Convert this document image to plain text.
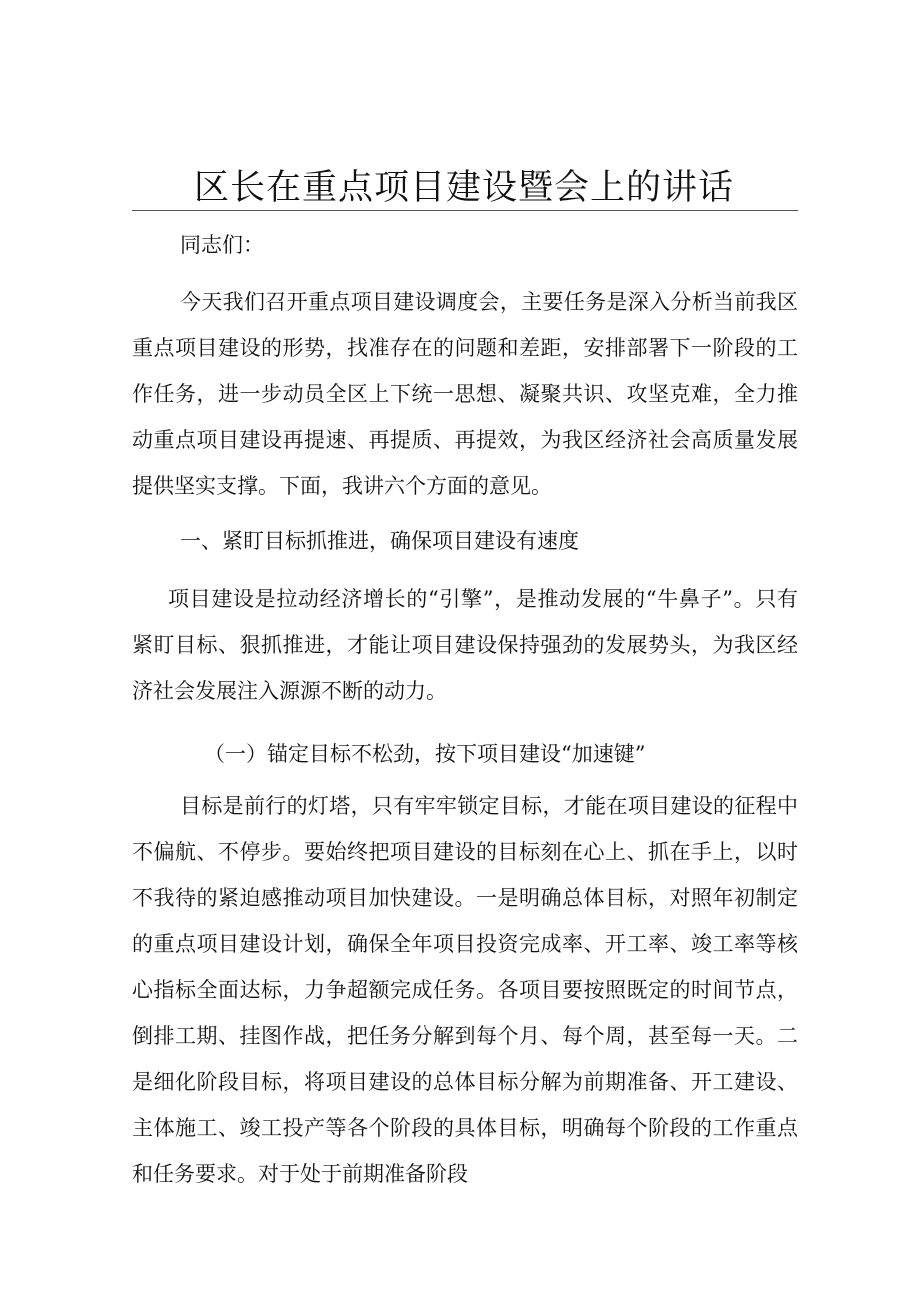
区长在重点项目建设暨会上的讲话
同志们：
今天我们召开重点项目建设调度会，主要任务是深入分析当前我区重点项目建设的形势，找准存在的问题和差距，安排部署下一阶段的工作任务，进一步动员全区上下统一思想、凝聚共识、攻坚克难，全力推动重点项目建设再提速、再提质、再提效，为我区经济社会高质量发展提供坚实支撑。下面，我讲六个方面的意见。
一、紧盯目标抓推进，确保项目建设有速度
项目建设是拉动经济增长的“引擎”，是推动发展的“牛鼻子”。只有紧盯目标、狠抓推进，才能让项目建设保持强劲的发展势头，为我区经济社会发展注入源源不断的动力。
（一）锚定目标不松劲，按下项目建设“加速键”
目标是前行的灯塔，只有牢牢锁定目标，才能在项目建设的征程中不偏航、不停步。要始终把项目建设的目标刻在心上、抓在手上，以时不我待的紧迫感推动项目加快建设。一是明确总体目标，对照年初制定的重点项目建设计划，确保全年项目投资完成率、开工率、竣工率等核心指标全面达标，力争超额完成任务。各项目要按照既定的时间节点，倒排工期、挂图作战，把任务分解到每个月、每个周，甚至每一天。二是细化阶段目标，将项目建设的总体目标分解为前期准备、开工建设、主体施工、竣工投产等各个阶段的具体目标，明确每个阶段的工作重点和任务要求。对于处于前期准备阶段
